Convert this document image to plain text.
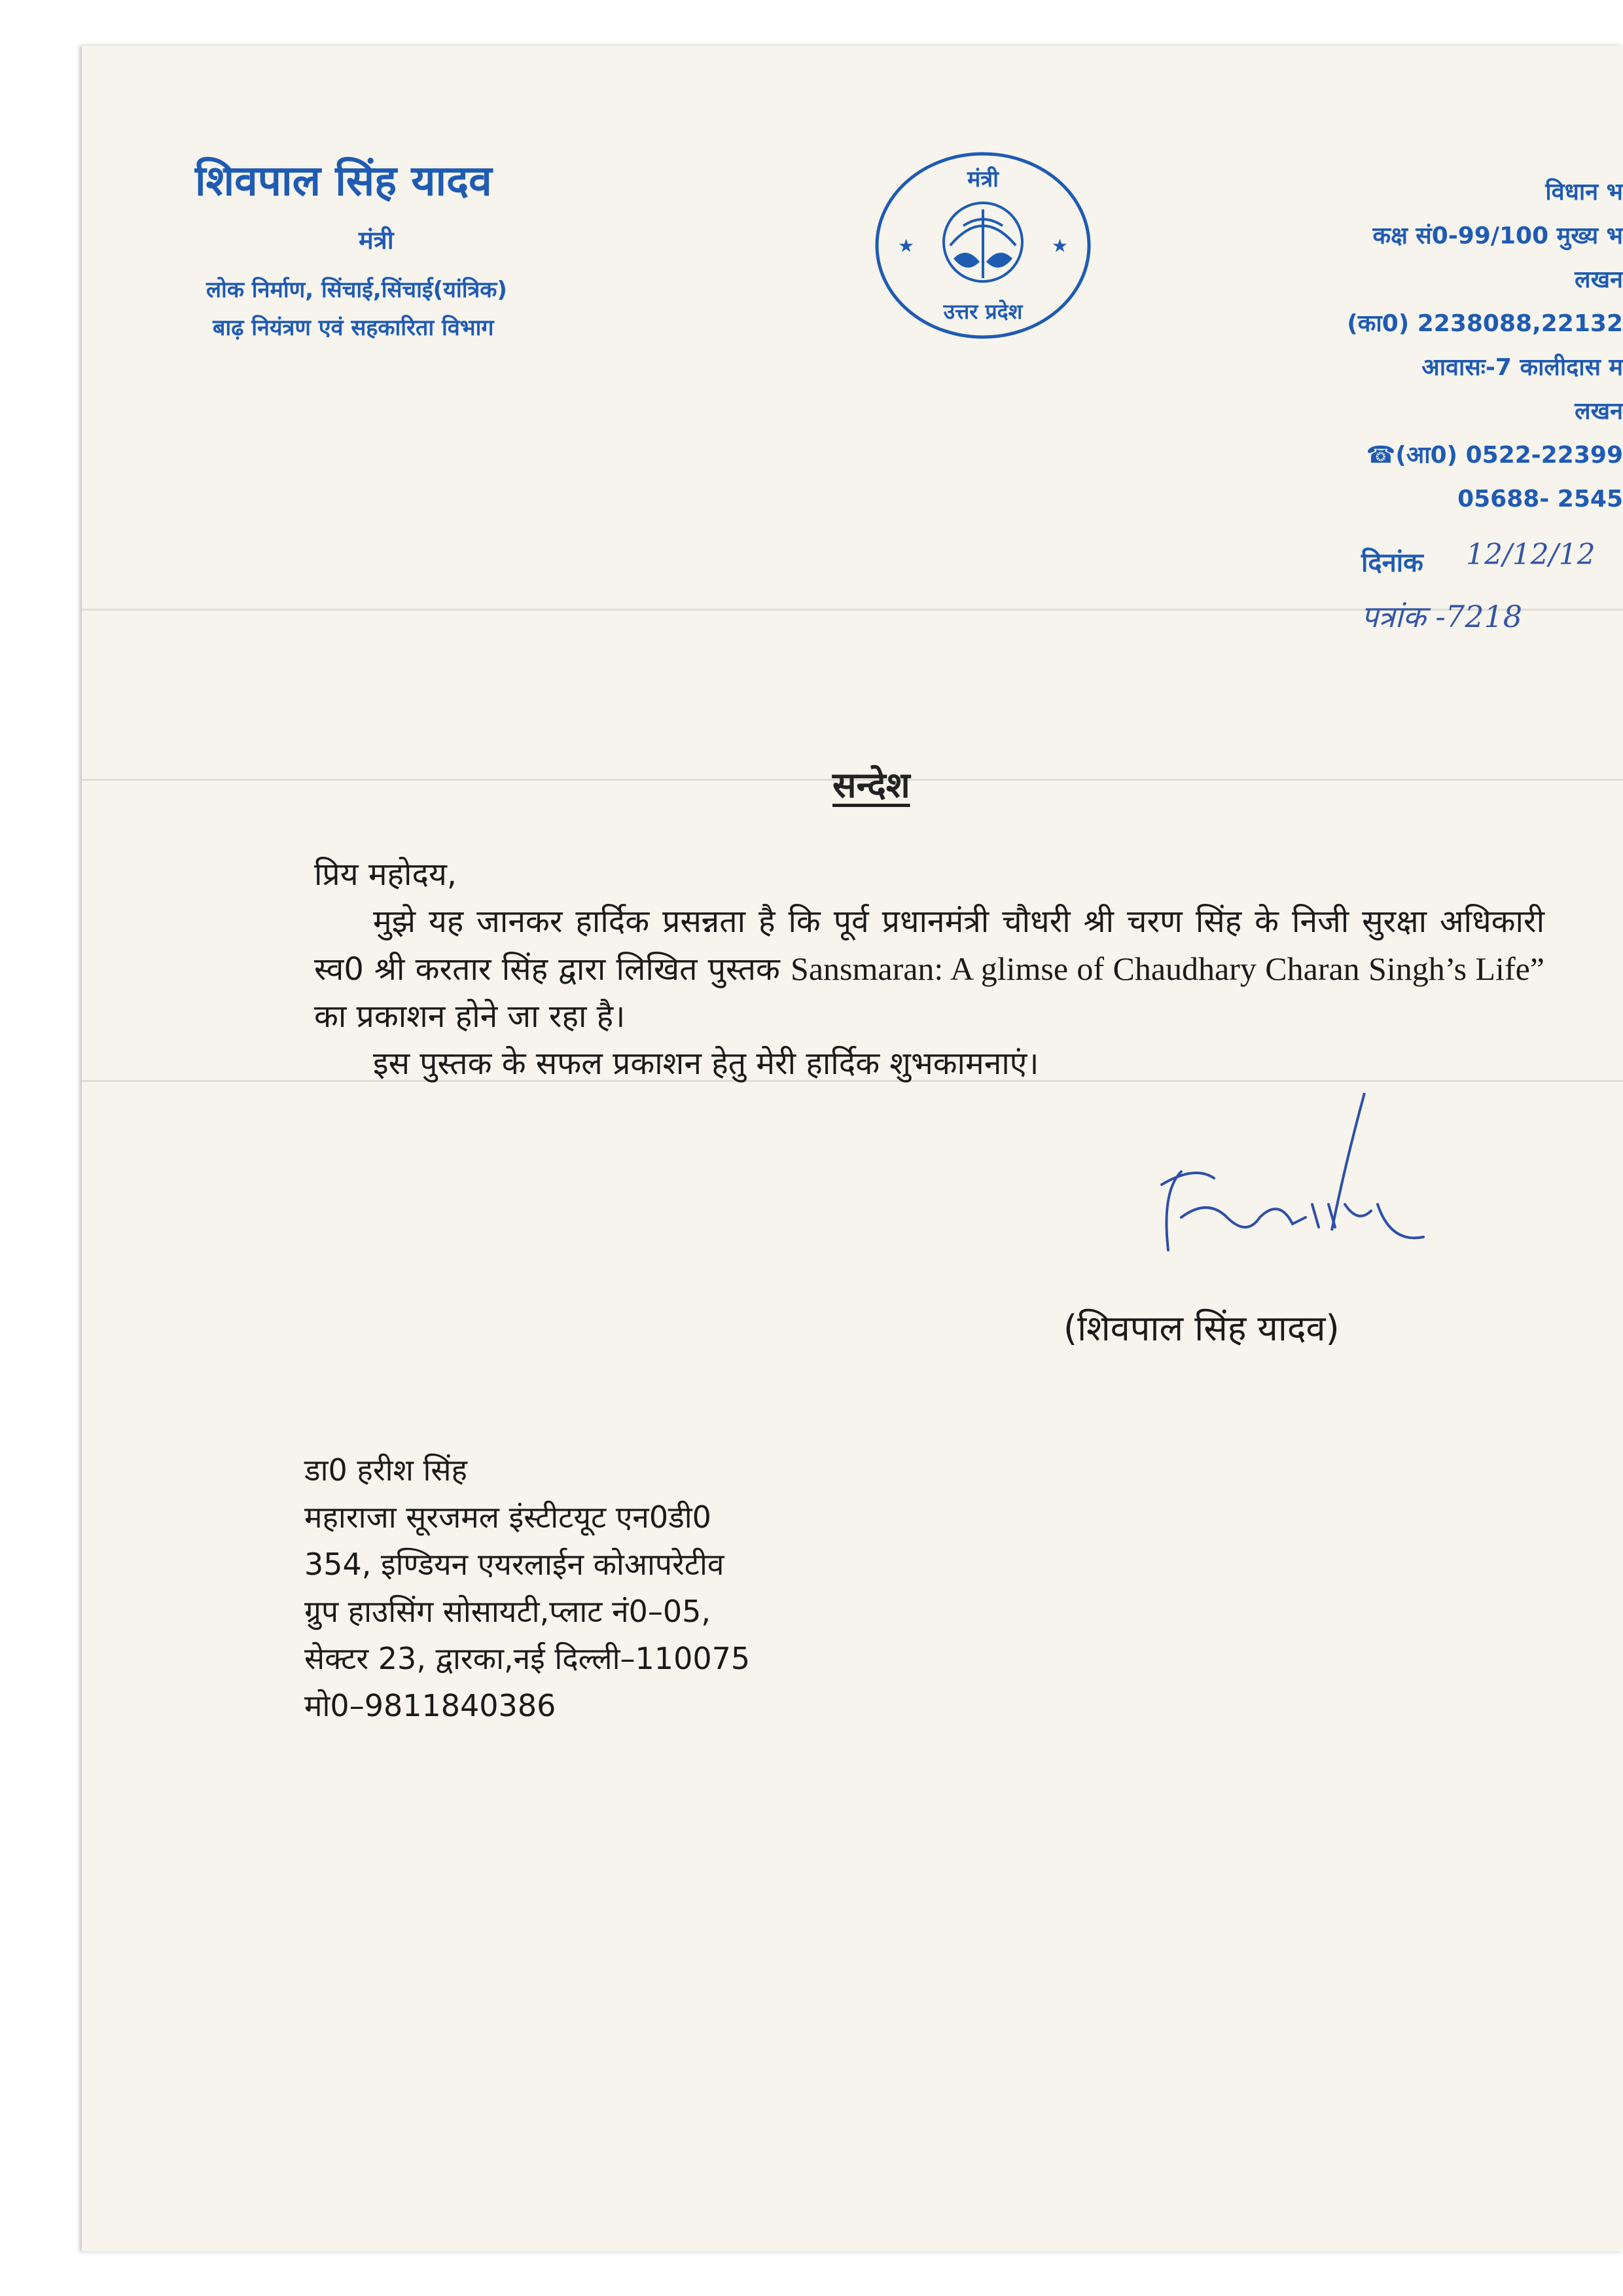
शिवपाल सिंह यादव
मंत्री
लोक निर्माण, सिंचाई,सिंचाई(यांत्रिक)
बाढ़ नियंत्रण एवं सहकारिता विभाग
मंत्री
★	★
उत्तर प्रदेश
विधान भ
कक्ष सं0-99/100 मुख्य भ
लखन
(का0) 2238088,22132
आवासः-7 कालीदास म
लखन
☎(आ0) 0522-22399
05688- 2545
दिनांक 12/12/12
पत्रांक -7218
सन्देश

प्रिय महोदय,

मुझे यह जानकर हार्दिक प्रसन्नता है कि पूर्व प्रधानमंत्री चौधरी श्री चरण सिंह के निजी सुरक्षा अधिकारी स्व0 श्री करतार सिंह द्वारा लिखित पुस्तक Sansmaran: A glimse of Chaudhary Charan Singh’s Life” का प्रकाशन होने जा रहा है।

इस पुस्तक के सफल प्रकाशन हेतु मेरी हार्दिक शुभकामनाएं।

(शिवपाल सिंह यादव)
डा0 हरीश सिंह
महाराजा सूरजमल इंस्टीटयूट एन0डी0
354, इण्डियन एयरलाईन कोआपरेटीव
ग्रुप हाउसिंग सोसायटी,प्लाट नं0–05,
सेक्टर 23, द्वारका,नई दिल्ली–110075
मो0–9811840386
